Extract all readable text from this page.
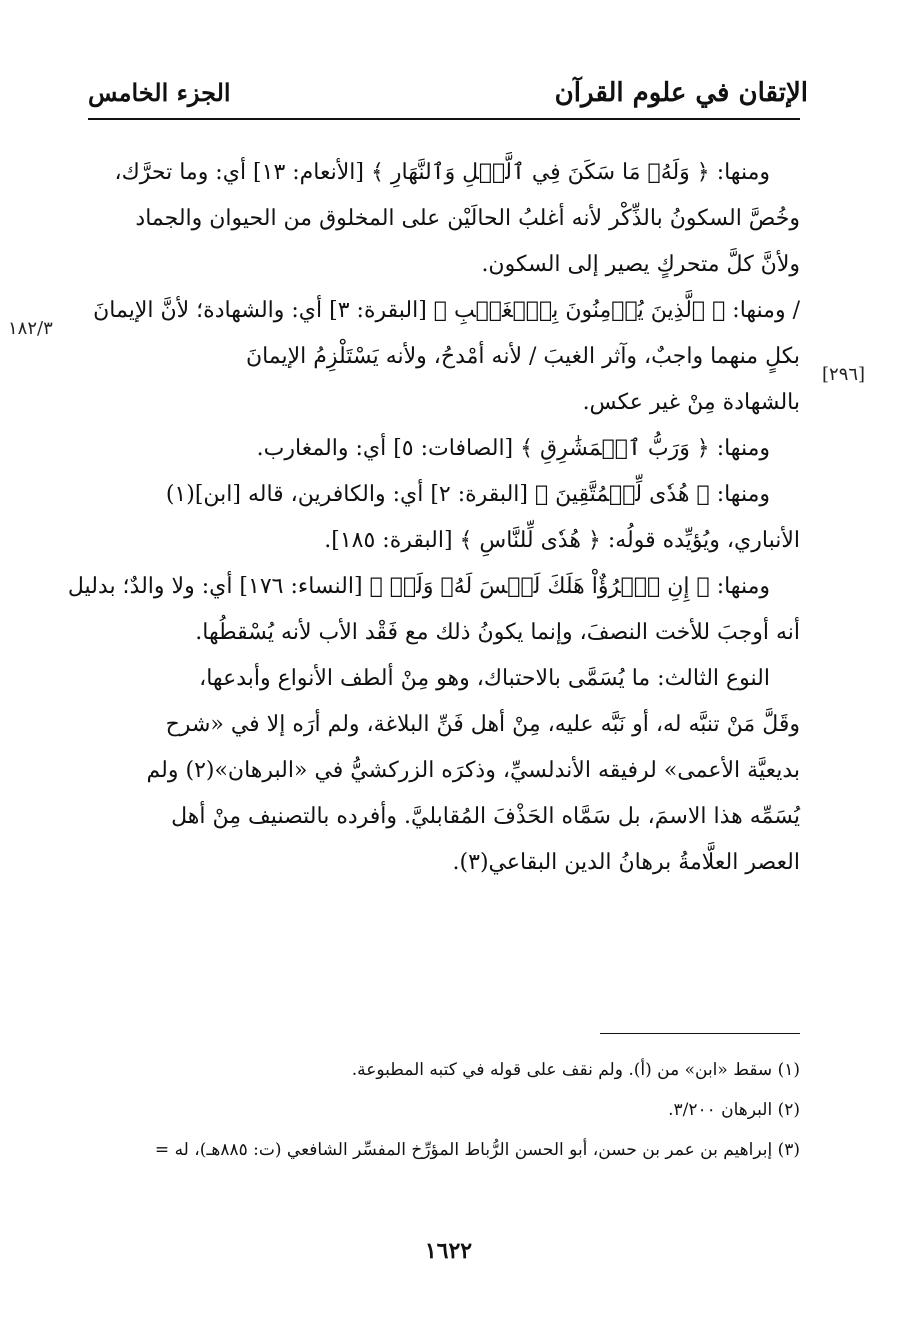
الإتقان في علوم القرآن
الجزء الخامس
ومنها: ﴿ وَلَهُۥ مَا سَكَنَ فِي ٱلَّيۡلِ وَٱلنَّهَارِ ﴾ [الأنعام: ١٣] أي: وما تحرَّك،
وخُصَّ السكونُ بالذِّكْر لأنه أغلبُ الحالَيْن على المخلوق من الحيوان والجماد
ولأنَّ كلَّ متحركٍ يصير إلى السكون.
/ ومنها: ﴿ ٱلَّذِينَ يُؤۡمِنُونَ بِٱلۡغَيۡبِ ﴾ [البقرة: ٣] أي: والشهادة؛ لأنَّ الإيمانَ
بكلٍ منهما واجبٌ، وآثر الغيبَ / لأنه أمْدحُ، ولأنه يَسْتَلْزِمُ الإيمانَ
بالشهادة مِنْ غير عكس.
ومنها: ﴿ وَرَبُّ ٱلۡمَشَٰرِقِ ﴾ [الصافات: ٥] أي: والمغارب.
ومنها: ﴿ هُدٗى لِّلۡمُتَّقِينَ ﴾ [البقرة: ٢] أي: والكافرين، قاله [ابن](١)
الأنباري، ويُؤيِّده قولُه: ﴿ هُدٗى لِّلنَّاسِ ﴾ [البقرة: ١٨٥].
ومنها: ﴿ إِنِ ٱمۡرُؤٌاْ هَلَكَ لَيۡسَ لَهُۥ وَلَدٞ ﴾ [النساء: ١٧٦] أي: ولا والدٌ؛ بدليل
أنه أوجبَ للأخت النصفَ، وإنما يكونُ ذلك مع فَقْد الأب لأنه يُسْقطُها.
النوع الثالث: ما يُسَمَّى بالاحتباك، وهو مِنْ ألطف الأنواع وأبدعها،
وقَلَّ مَنْ تنبَّه له، أو نَبَّه عليه، مِنْ أهل فَنِّ البلاغة، ولم أرَه إلا في «شرح
بديعيَّة الأعمى» لرفيقه الأندلسيِّ، وذكرَه الزركشيُّ في «البرهان»(٢) ولم
يُسَمِّه هذا الاسمَ، بل سَمَّاه الحَذْفَ المُقابليَّ. وأفرده بالتصنيف مِنْ أهل
العصر العلَّامةُ برهانُ الدين البقاعي(٣).
١٨٢/٣
[٢٩٦]
(١) سقط «ابن» من (أ). ولم نقف على قوله في كتبه المطبوعة.
(٢) البرهان ٣/٢٠٠.
(٣) إبراهيم بن عمر بن حسن، أبو الحسن الرُّباط المؤرِّخ المفسِّر الشافعي (ت: ٨٨٥هـ)، له =
١٦٢٢
